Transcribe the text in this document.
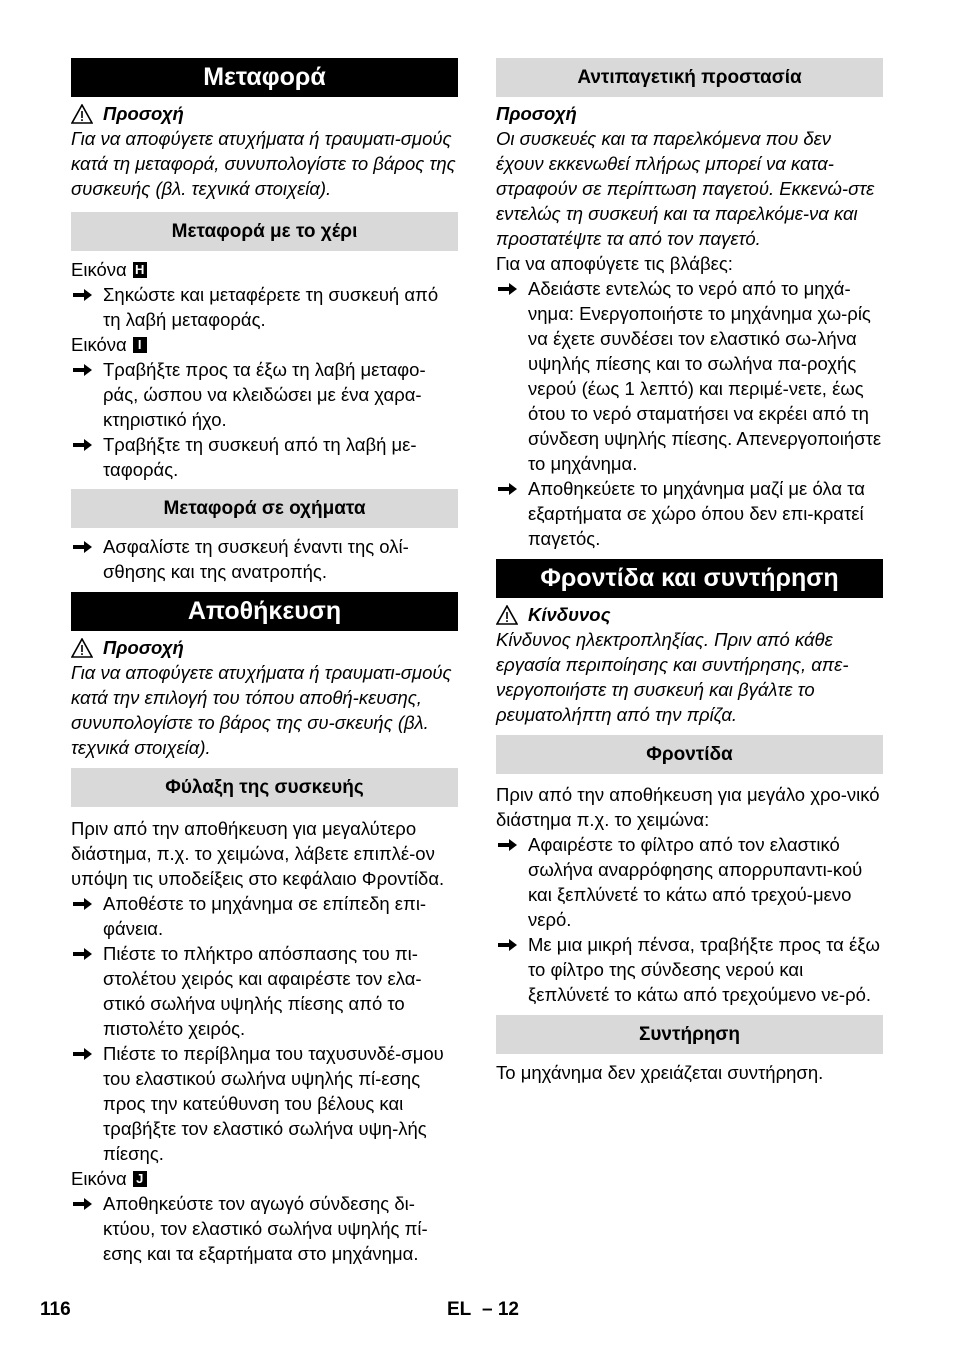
Μεταφορά
Προσοχή

Για να αποφύγετε ατυχήματα ή τραυματι-σμούς κατά τη μεταφορά, συνυπολογίστε το βάρος της συσκευής (βλ. τεχνικά στοιχεία).

Μεταφορά με το χέρι
Εικόνα H
Σηκώστε και μεταφέρετε τη συσκευή από τη λαβή μεταφοράς.
Εικόνα I
Τραβήξτε προς τα έξω τη λαβή μεταφο-ράς, ώσπου να κλειδώσει με ένα χαρα-κτηριστικό ήχο.
Τραβήξτε τη συσκευή από τη λαβή με-ταφοράς.
Μεταφορά σε οχήματα
Ασφαλίστε τη συσκευή έναντι της ολί-σθησης και της ανατροπής.
Αποθήκευση
Προσοχή

Για να αποφύγετε ατυχήματα ή τραυματι-σμούς κατά την επιλογή του τόπου αποθή-κευσης, συνυπολογίστε το βάρος της συ-σκευής (βλ. τεχνικά στοιχεία).

Φύλαξη της συσκευής

Πριν από την αποθήκευση για μεγαλύτερο διάστημα, π.χ. το χειμώνα, λάβετε επιπλέ-ον υπόψη τις υποδείξεις στο κεφάλαιο Φροντίδα.

Αποθέστε το μηχάνημα σε επίπεδη επι-φάνεια.
Πιέστε το πλήκτρο απόσπασης του πι-στολέτου χειρός και αφαιρέστε τον ελα-στικό σωλήνα υψηλής πίεσης από το πιστολέτο χειρός.
Πιέστε το περίβλημα του ταχυσυνδέ-σμου του ελαστικού σωλήνα υψηλής πί-εσης προς την κατεύθυνση του βέλους και τραβήξτε τον ελαστικό σωλήνα υψη-λής πίεσης.
Εικόνα J
Αποθηκεύστε τον αγωγό σύνδεσης δι-κτύου, τον ελαστικό σωλήνα υψηλής πί-εσης και τα εξαρτήματα στο μηχάνημα.
Αντιπαγετική προστασία
Προσοχή

Οι συσκευές και τα παρελκόμενα που δεν έχουν εκκενωθεί πλήρως μπορεί να κατα-στραφούν σε περίπτωση παγετού. Εκκενώ-στε εντελώς τη συσκευή και τα παρελκόμε-να και προστατέψτε τα από τον παγετό.

Για να αποφύγετε τις βλάβες:

Αδειάστε εντελώς το νερό από το μηχά-νημα: Ενεργοποιήστε το μηχάνημα χω-ρίς να έχετε συνδέσει τον ελαστικό σω-λήνα υψηλής πίεσης και το σωλήνα πα-ροχής νερού (έως 1 λεπτό) και περιμέ-νετε, έως ότου το νερό σταματήσει να εκρέει από τη σύνδεση υψηλής πίεσης. Απενεργοποιήστε το μηχάνημα.
Αποθηκεύετε το μηχάνημα μαζί με όλα τα εξαρτήματα σε χώρο όπου δεν επι-κρατεί παγετός.
Φροντίδα και συντήρηση
Κίνδυνος

Κίνδυνος ηλεκτροπληξίας. Πριν από κάθε εργασία περιποίησης και συντήρησης, απε-νεργοποιήστε τη συσκευή και βγάλτε το ρευματολήπτη από την πρίζα.

Φροντίδα

Πριν από την αποθήκευση για μεγάλο χρο-νικό διάστημα π.χ. το χειμώνα:

Αφαιρέστε το φίλτρο από τον ελαστικό σωλήνα αναρρόφησης απορρυπαντι-κού και ξεπλύνετέ το κάτω από τρεχού-μενο νερό.
Με μια μικρή πένσα, τραβήξτε προς τα έξω το φίλτρο της σύνδεσης νερού και ξεπλύνετέ το κάτω από τρεχούμενο νε-ρό.
Συντήρηση

Το μηχάνημα δεν χρειάζεται συντήρηση.

116	EL – 12
